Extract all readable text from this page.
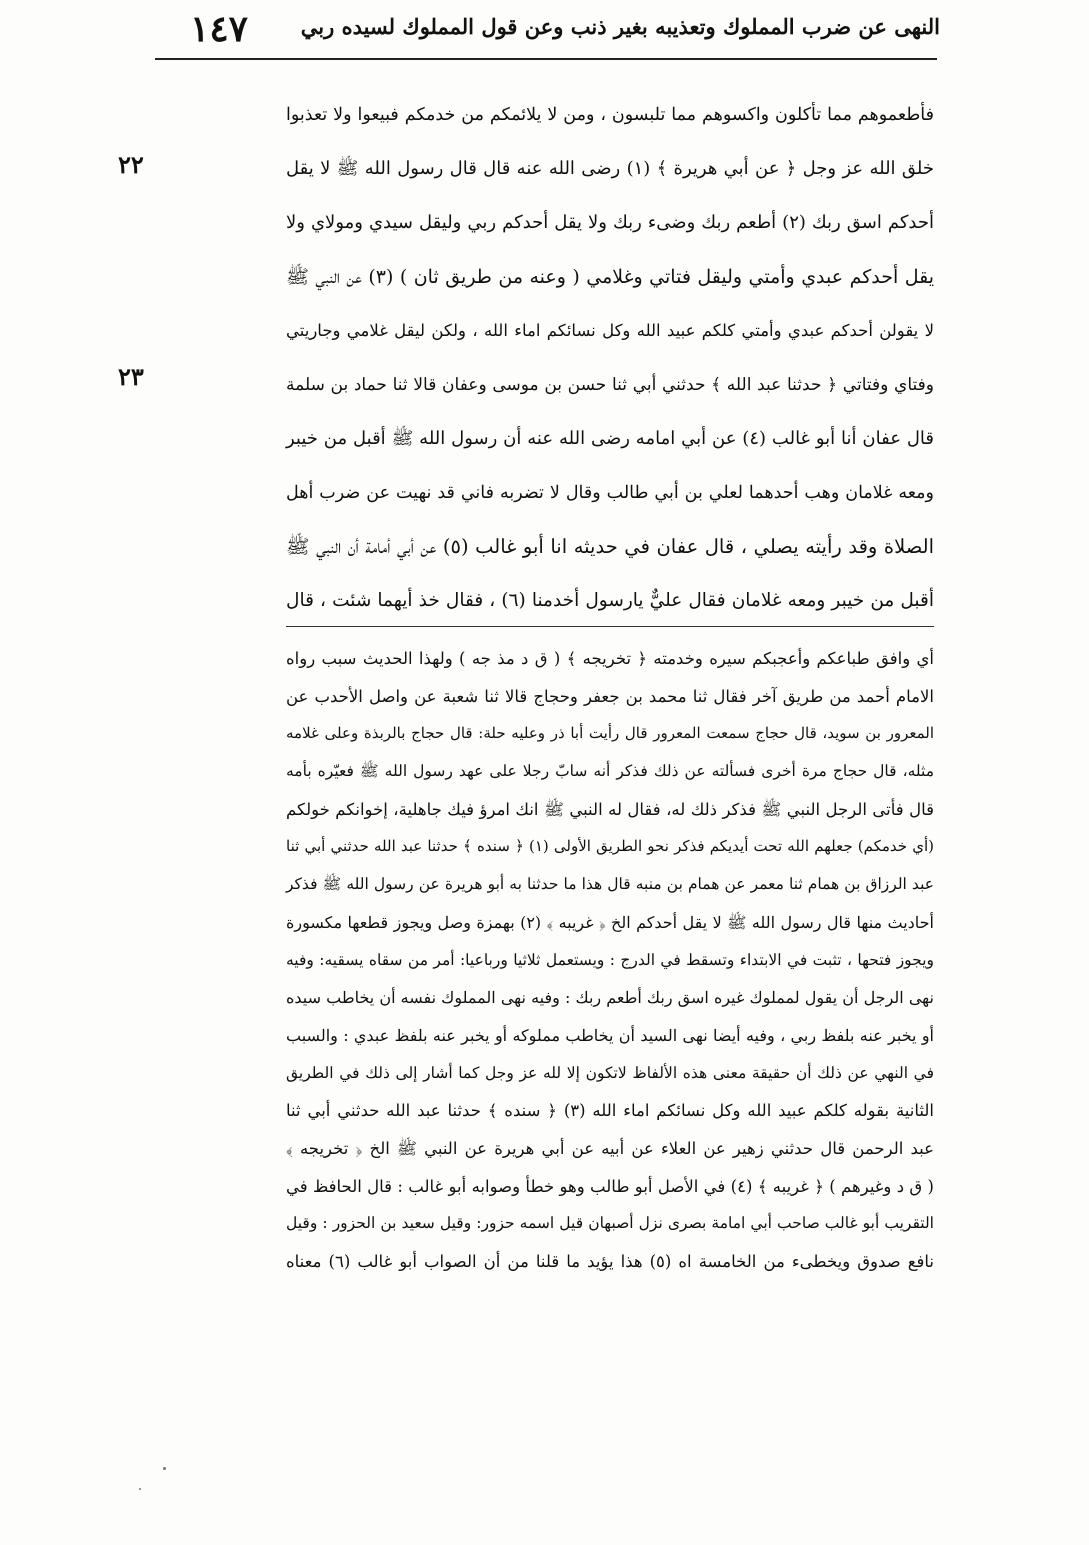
١٤٧	النهى عن ضرب المملوك وتعذيبه بغير ذنب وعن قول المملوك لسيده ربي
٢٢
٢٣
فأطعموهم مما تأكلون واكسوهم مما تلبسون ، ومن لا يلائمكم من خدمكم فبيعوا ولا تعذبوا
خلق الله عز وجل ﴿ عن أبي هريرة ﴾ (١) رضى الله عنه قال قال رسول الله ﷺ لا يقل
أحدكم اسق ربك (٢) أطعم ربك وضىء ربك ولا يقل أحدكم ربي وليقل سيدي ومولاي ولا
يقل أحدكم عبدي وأمتي وليقل فتاتي وغلامي ( وعنه من طريق ثان ) (٣) عن النبي ﷺ
لا يقولن أحدكم عبدي وأمتي كلكم عبيد الله وكل نسائكم اماء الله ، ولكن ليقل غلامي وجاريتي
وفتاي وفتاتي ﴿ حدثنا عبد الله ﴾ حدثني أبي ثنا حسن بن موسى وعفان قالا ثنا حماد بن سلمة
قال عفان أنا أبو غالب (٤) عن أبي امامه رضى الله عنه أن رسول الله ﷺ أقبل من خيبر
ومعه غلامان وهب أحدهما لعلي بن أبي طالب وقال لا تضربه فاني قد نهيت عن ضرب أهل
الصلاة وقد رأيته يصلي ، قال عفان في حديثه انا أبو غالب (٥) عن أبي أمامة أن النبي ﷺ
أقبل من خيبر ومعه غلامان فقال عليٌّ يارسول أخدمنا (٦) ، فقال خذ أيهما شئت ، قال
أي وافق طباعكم وأعجبكم سيره وخدمته ﴿ تخريجه ﴾ ( ق د مذ جه ) ولهذا الحديث سبب رواه
الامام أحمد من طريق آخر فقال ثنا محمد بن جعفر وحجاج قالا ثنا شعبة عن واصل الأحدب عن
المعرور بن سويد، قال حجاج سمعت المعرور قال رأيت أبا ذر وعليه حلة: قال حجاج بالربذة وعلى غلامه
مثله، قال حجاج مرة أخرى فسألته عن ذلك فذكر أنه سابّ رجلا على عهد رسول الله ﷺ فعيّره بأمه
قال فأتى الرجل النبي ﷺ فذكر ذلك له، فقال له النبي ﷺ انك امرؤ فيك جاهلية، إخوانكم خولكم
(أي خدمكم) جعلهم الله تحت أيديكم فذكر نحو الطريق الأولى (١) ﴿ سنده ﴾ حدثنا عبد الله حدثني أبي ثنا
عبد الرزاق بن همام ثنا معمر عن همام بن منبه قال هذا ما حدثنا به أبو هريرة عن رسول الله ﷺ فذكر
أحاديث منها قال رسول الله ﷺ لا يقل أحدكم الخ ﴿ غريبه ﴾ (٢) بهمزة وصل ويجوز قطعها مكسورة
ويجوز فتحها ، تثبت في الابتداء وتسقط في الدرج : ويستعمل ثلاثيا ورباعيا: أمر من سقاه يسقيه: وفيه
نهى الرجل أن يقول لمملوك غيره اسق ربك أطعم ربك : وفيه نهى المملوك نفسه أن يخاطب سيده
أو يخبر عنه بلفظ ربي ، وفيه أيضا نهى السيد أن يخاطب مملوكه أو يخبر عنه بلفظ عبدي : والسبب
في النهي عن ذلك أن حقيقة معنى هذه الألفاظ لاتكون إلا لله عز وجل كما أشار إلى ذلك في الطريق
الثانية بقوله كلكم عبيد الله وكل نسائكم اماء الله (٣) ﴿ سنده ﴾ حدثنا عبد الله حدثني أبي ثنا
عبد الرحمن قال حدثني زهير عن العلاء عن أبيه عن أبي هريرة عن النبي ﷺ الخ ﴿ تخريجه ﴾
( ق د وغيرهم ) ﴿ غريبه ﴾ (٤) في الأصل أبو طالب وهو خطأ وصوابه أبو غالب : قال الحافظ في
التقريب أبو غالب صاحب أبي امامة بصرى نزل أصبهان قيل اسمه حزور: وقيل سعيد بن الحزور : وقيل
نافع صدوق ويخطىء من الخامسة اه (٥) هذا يؤيد ما قلنا من أن الصواب أبو غالب (٦) معناه
